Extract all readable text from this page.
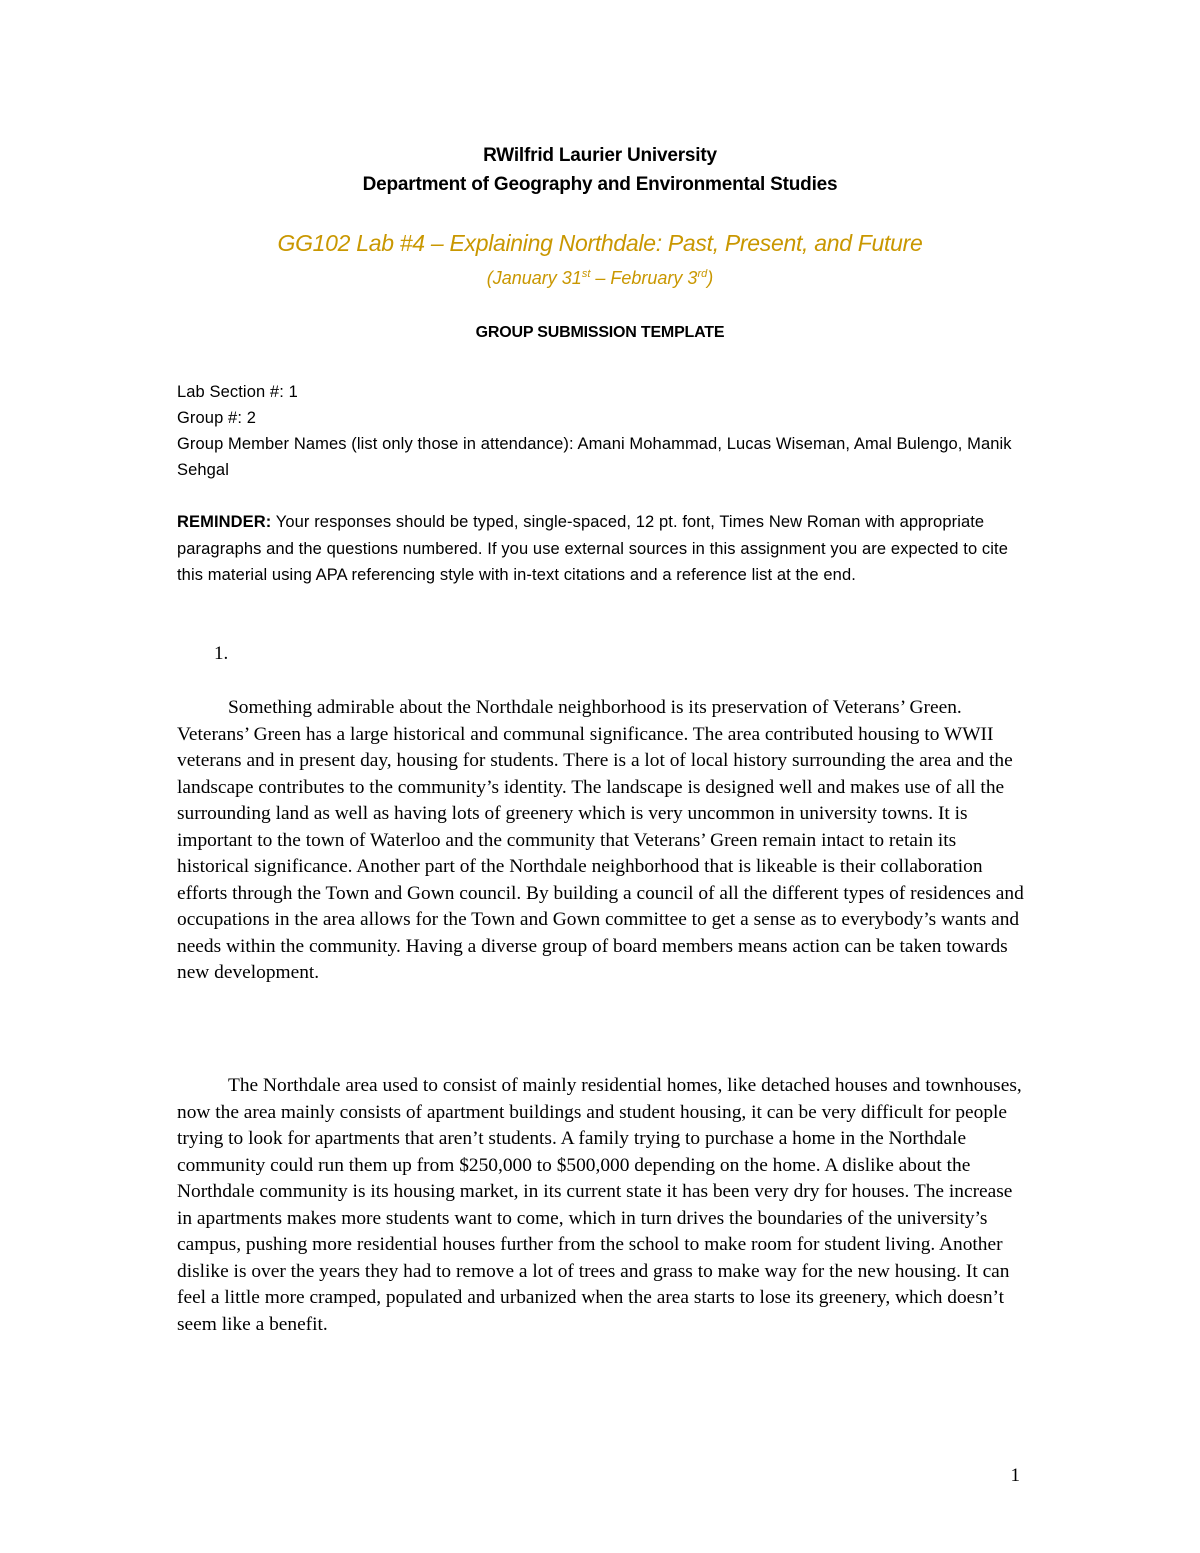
RWilfrid Laurier University
Department of Geography and Environmental Studies
GG102 Lab #4 – Explaining Northdale: Past, Present, and Future
(January 31st – February 3rd)
GROUP SUBMISSION TEMPLATE
Lab Section #: 1
Group #: 2
Group Member Names (list only those in attendance): Amani Mohammad, Lucas Wiseman, Amal Bulengo, Manik Sehgal
REMINDER: Your responses should be typed, single-spaced, 12 pt. font, Times New Roman with appropriate paragraphs and the questions numbered. If you use external sources in this assignment you are expected to cite this material using APA referencing style with in-text citations and a reference list at the end.
1.

Something admirable about the Northdale neighborhood is its preservation of Veterans’ Green. Veterans’ Green has a large historical and communal significance. The area contributed housing to WWII veterans and in present day, housing for students. There is a lot of local history surrounding the area and the landscape contributes to the community’s identity. The landscape is designed well and makes use of all the surrounding land as well as having lots of greenery which is very uncommon in university towns. It is important to the town of Waterloo and the community that Veterans’ Green remain intact to retain its historical significance. Another part of the Northdale neighborhood that is likeable is their collaboration efforts through the Town and Gown council. By building a council of all the different types of residences and occupations in the area allows for the Town and Gown committee to get a sense as to everybody’s wants and needs within the community. Having a diverse group of board members means action can be taken towards new development.

The Northdale area used to consist of mainly residential homes, like detached houses and townhouses, now the area mainly consists of apartment buildings and student housing, it can be very difficult for people trying to look for apartments that aren’t students. A family trying to purchase a home in the Northdale community could run them up from $250,000 to $500,000 depending on the home. A dislike about the Northdale community is its housing market, in its current state it has been very dry for houses. The increase in apartments makes more students want to come, which in turn drives the boundaries of the university’s campus, pushing more residential houses further from the school to make room for student living. Another dislike is over the years they had to remove a lot of trees and grass to make way for the new housing. It can feel a little more cramped, populated and urbanized when the area starts to lose its greenery, which doesn’t seem like a benefit.

1
